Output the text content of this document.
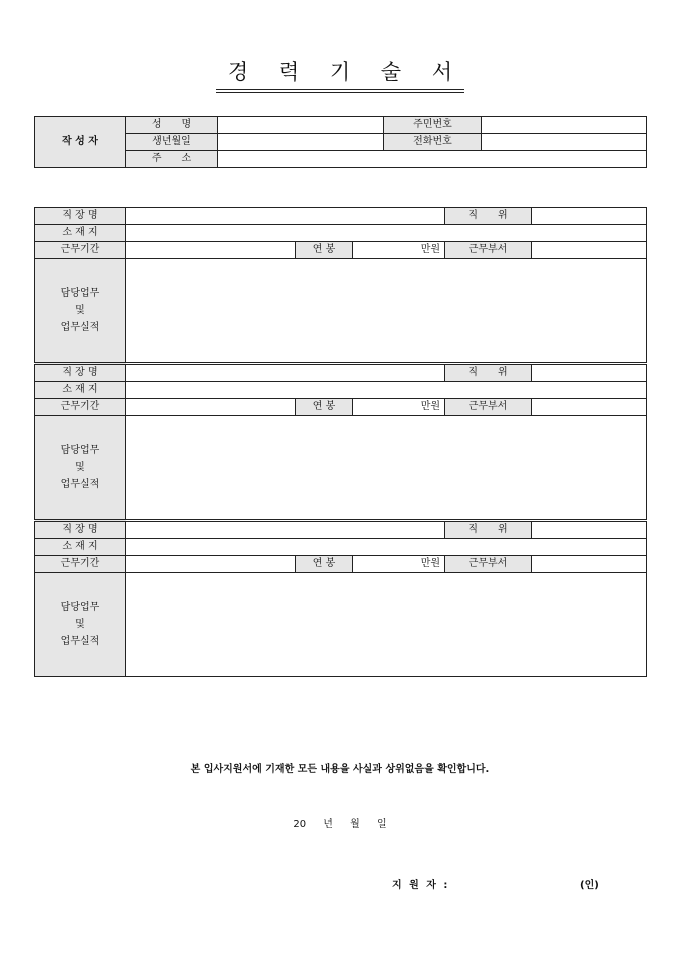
경 력 기 술 서
작 성 자	성　　명		주민번호	
	생년월일		전화번호	
	주　　소			
직 장 명				직　　위	
소 재 지					
근무기간		연 봉	만원	근무부서	
담당업무
및
업무실적					
직 장 명				직　　위	
소 재 지					
근무기간		연 봉	만원	근무부서	
담당업무
및
업무실적					
직 장 명				직　　위	
소 재 지					
근무기간		연 봉	만원	근무부서	
담당업무
및
업무실적					
본 입사지원서에 기재한 모든 내용을 사실과 상위없음을 확인합니다.
20 년 월 일
지 원 자 :	(인)
